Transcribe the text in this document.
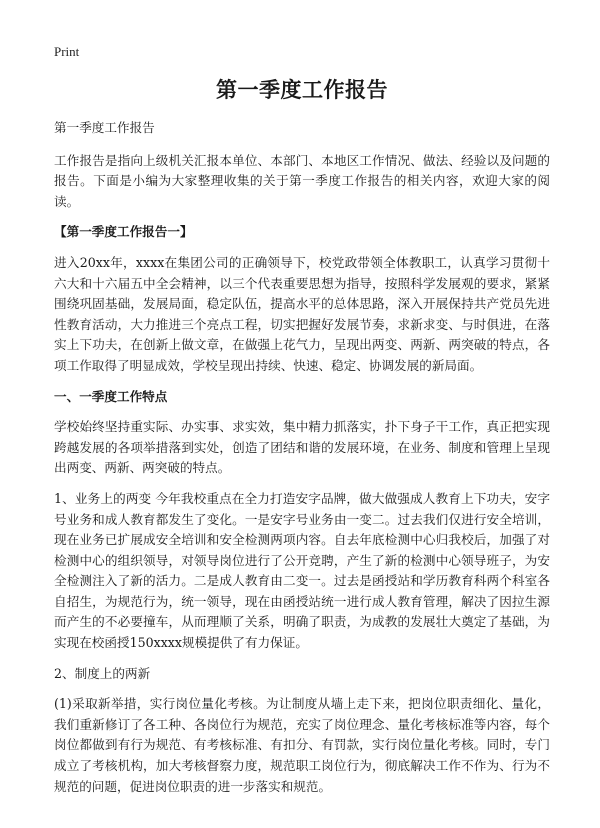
Print
第一季度工作报告

第一季度工作报告

工作报告是指向上级机关汇报本单位、本部门、本地区工作情况、做法、经验以及问题的报告。下面是小编为大家整理收集的关于第一季度工作报告的相关内容，欢迎大家的阅读。

【第一季度工作报告一】

进入20xx年，xxxx在集团公司的正确领导下，校党政带领全体教职工，认真学习贯彻十六大和十六届五中全会精神，以三个代表重要思想为指导，按照科学发展观的要求，紧紧围绕巩固基础，发展局面，稳定队伍，提高水平的总体思路，深入开展保持共产党员先进性教育活动，大力推进三个亮点工程，切实把握好发展节奏，求新求变、与时俱进，在落实上下功夫，在创新上做文章，在做强上花气力，呈现出两变、两新、两突破的特点，各项工作取得了明显成效，学校呈现出持续、快速、稳定、协调发展的新局面。

一、一季度工作特点

学校始终坚持重实际、办实事、求实效，集中精力抓落实，扑下身子干工作，真正把实现跨越发展的各项举措落到实处，创造了团结和谐的发展环境，在业务、制度和管理上呈现出两变、两新、两突破的特点。

1、业务上的两变 今年我校重点在全力打造安字品牌，做大做强成人教育上下功夫，安字号业务和成人教育都发生了变化。一是安字号业务由一变二。过去我们仅进行安全培训，现在业务已扩展成安全培训和安全检测两项内容。自去年底检测中心归我校后，加强了对检测中心的组织领导，对领导岗位进行了公开竞聘，产生了新的检测中心领导班子，为安全检测注入了新的活力。二是成人教育由二变一。过去是函授站和学历教育科两个科室各自招生，为规范行为，统一领导，现在由函授站统一进行成人教育管理，解决了因拉生源而产生的不必要撞车，从而理顺了关系，明确了职责，为成教的发展壮大奠定了基础，为实现在校函授150xxxx规模提供了有力保证。

2、制度上的两新

(1)采取新举措，实行岗位量化考核。为让制度从墙上走下来，把岗位职责细化、量化，我们重新修订了各工种、各岗位行为规范，充实了岗位理念、量化考核标准等内容，每个岗位都做到有行为规范、有考核标准、有扣分、有罚款，实行岗位量化考核。同时，专门成立了考核机构，加大考核督察力度，规范职工岗位行为，彻底解决工作不作为、行为不规范的问题，促进岗位职责的进一步落实和规范。
